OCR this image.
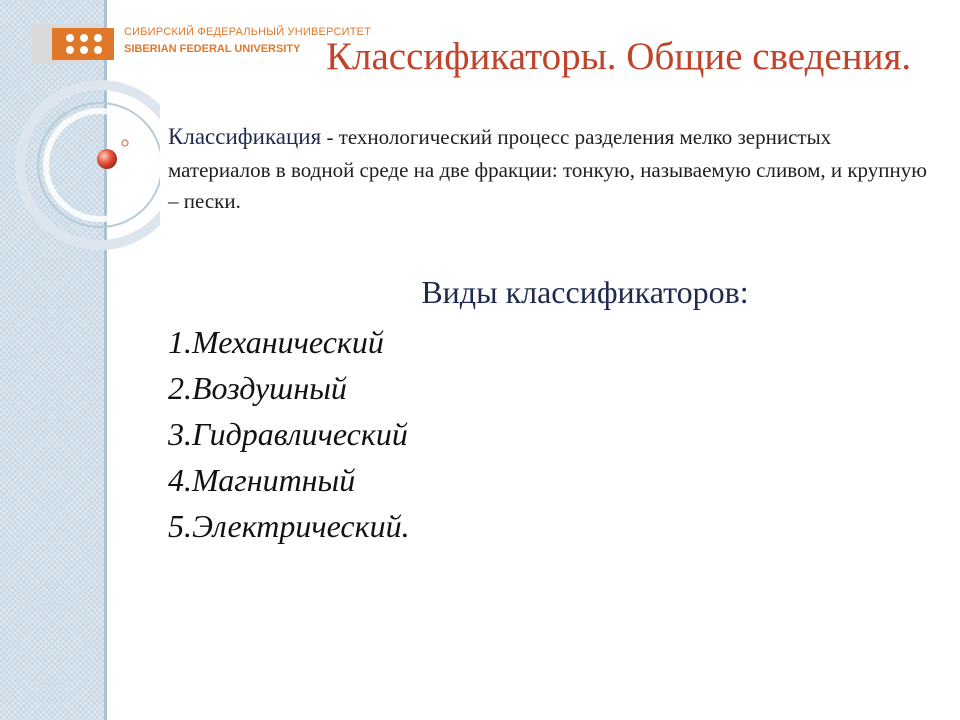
СИБИРСКИЙ ФЕДЕРАЛЬНЫЙ УНИВЕРСИТЕТ
SIBERIAN FEDERAL UNIVERSITY Классификаторы. Общие сведения.
Классификация - технологический процесс разделения мелко зернистых материалов в водной среде на две фракции: тонкую, называемую сливом, и крупную – пески.
Виды классификаторов:
1.Механический
2.Воздушный
3.Гидравлический
4.Магнитный
5.Электрический.
